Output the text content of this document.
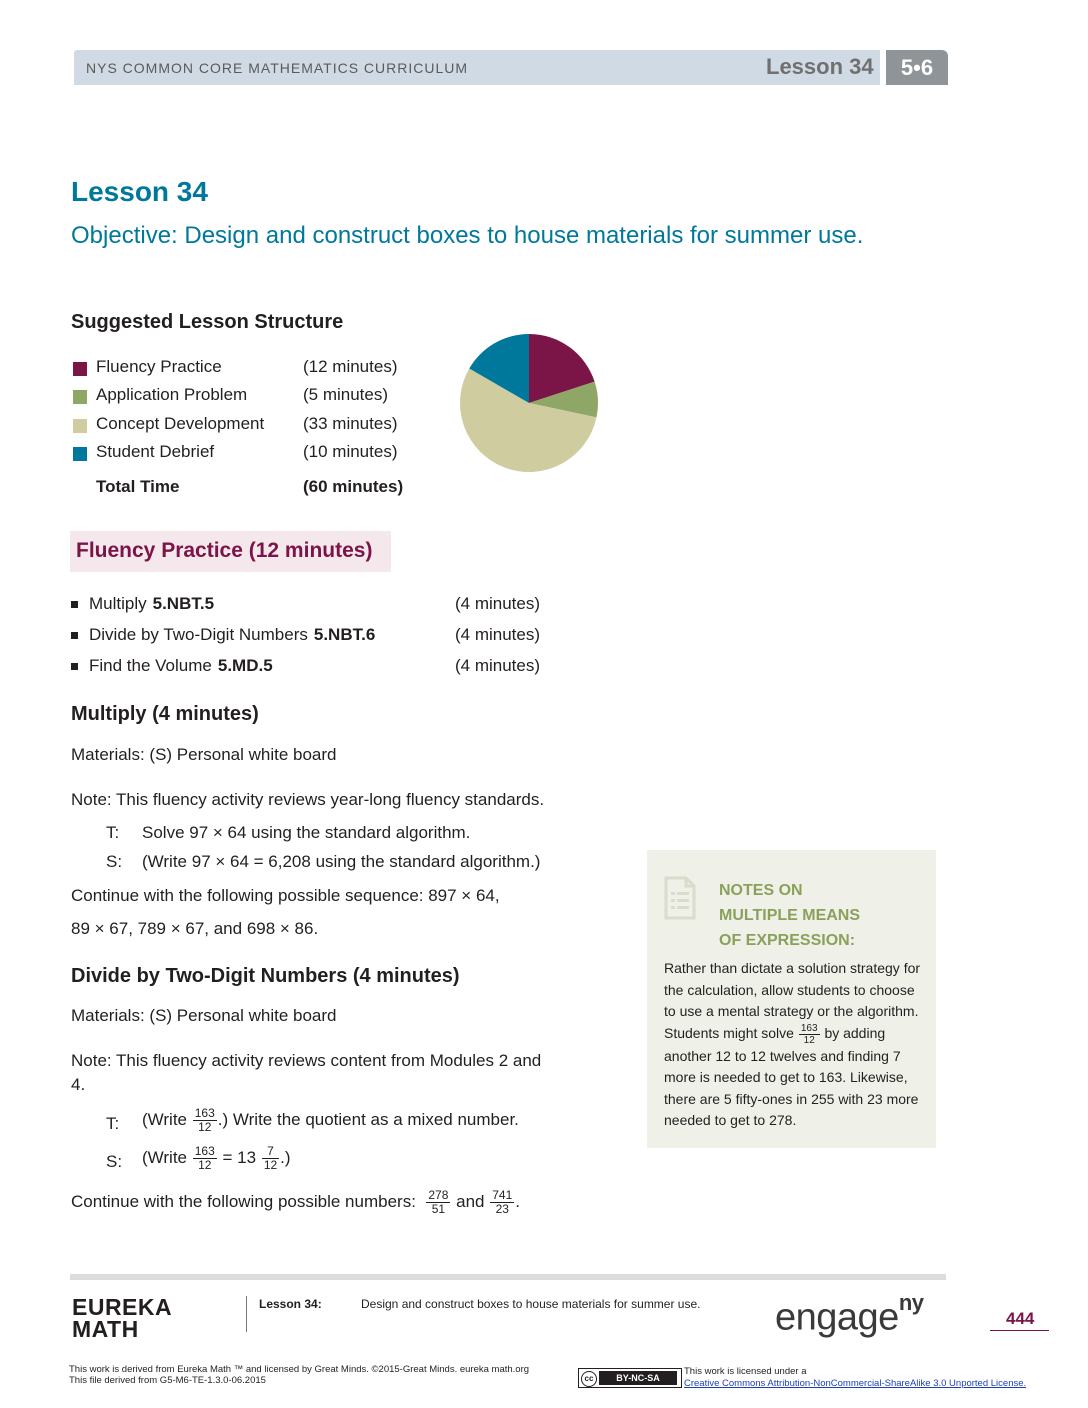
NYS COMMON CORE MATHEMATICS CURRICULUM	Lesson 34	5•6
Lesson 34
Objective: Design and construct boxes to house materials for summer use.
Suggested Lesson Structure
Fluency Practice	(12 minutes)
Application Problem	(5 minutes)
Concept Development (33 minutes)
Student Debrief	(10 minutes)
Total Time	(60 minutes)
Fluency Practice (12 minutes)
Multiply 5.NBT.5	(4 minutes)
Divide by Two-Digit Numbers 5.NBT.6	(4 minutes)
Find the Volume 5.MD.5	(4 minutes)
Multiply (4 minutes)
Materials: (S) Personal white board
Note: This fluency activity reviews year-long fluency standards.
T: Solve 97 × 64 using the standard algorithm.
S: (Write 97 × 64 = 6,208 using the standard algorithm.)
Continue with the following possible sequence: 897 × 64,
89 × 67, 789 × 67, and 698 × 86.
Divide by Two-Digit Numbers (4 minutes)
Materials: (S) Personal white board
Note: This fluency activity reviews content from Modules 2 and
4.
T: (Write $\frac{163}{12}$ .) Write the quotient as a mixed number.
S: (Write $\frac{163}{12} = 13 \frac{7}{12}$ .)
Continue with the following possible numbers: $\frac{278}{51}$ and $\frac{741}{23}$ .
NOTES ON
MULTIPLE MEANS
OF EXPRESSION:
Rather than dictate a solution strategy for the calculation, allow students to choose to use a mental strategy or the algorithm. Students might solve $\frac{163}{12}$ by adding another 12 to 12 twelves and finding 7 more is needed to get to 163. Likewise, there are 5 fifty-ones in 255 with 23 more needed to get to 278.
EUREKA
MATH
Lesson 34:	Design and construct boxes to house materials for summer use. engage$^{ny}$
444
This work is derived from Eureka Math ™ and licensed by Great Minds. ©2015-Great Minds. eureka math.org
This file derived from G5-M6-TE-1.3.0-06.2015	cc	BY-NC-SA
This work is licensed under a
Creative Commons Attribution-NonCommercial-ShareAlike 3.0 Unported License.
